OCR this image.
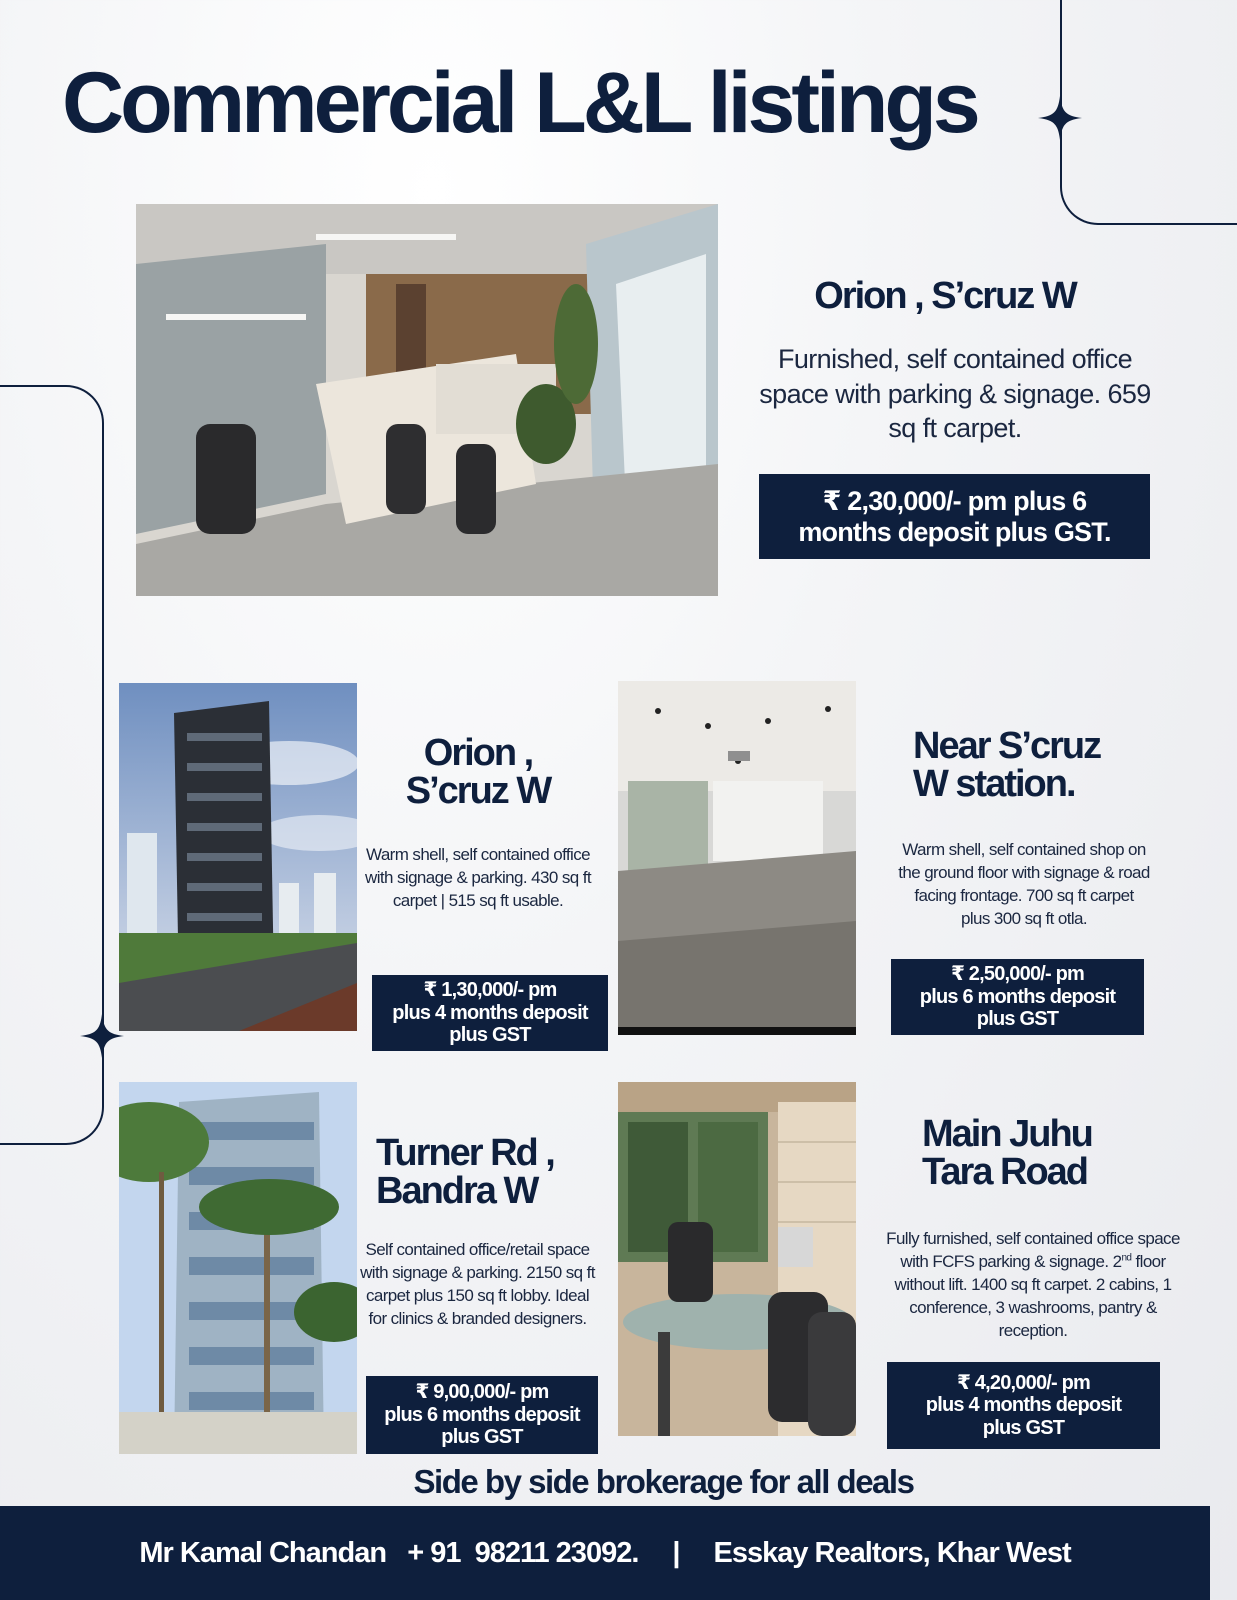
Commercial L&L listings
Orion , S’cruz W

Furnished, self contained office space with parking & signage. 659 sq ft carpet.

₹ 2,30,000/- pm plus 6
months deposit plus GST.
Orion ,
S’cruz W

Warm shell, self contained office with signage & parking. 430 sq ft carpet | 515 sq ft usable.

₹ 1,30,000/- pm
plus 4 months deposit
plus GST
Near S’cruz
W station.

Warm shell, self contained shop on the ground floor with signage & road facing frontage. 700 sq ft carpet plus 300 sq ft otla.

₹ 2,50,000/- pm
plus 6 months deposit
plus GST
Turner Rd ,
Bandra W

Self contained office/retail space with signage & parking. 2150 sq ft carpet plus 150 sq ft lobby. Ideal for clinics & branded designers.

₹ 9,00,000/- pm
plus 6 months deposit
plus GST
Main Juhu
Tara Road

Fully furnished, self contained office space with FCFS parking & signage. 2nd floor without lift. 1400 sq ft carpet. 2 cabins, 1 conference, 3 washrooms, pantry & reception.

₹ 4,20,000/- pm
plus 4 months deposit
plus GST

Side by side brokerage for all deals

Mr Kamal Chandan   + 91  98211 23092. | Esskay Realtors, Khar West
